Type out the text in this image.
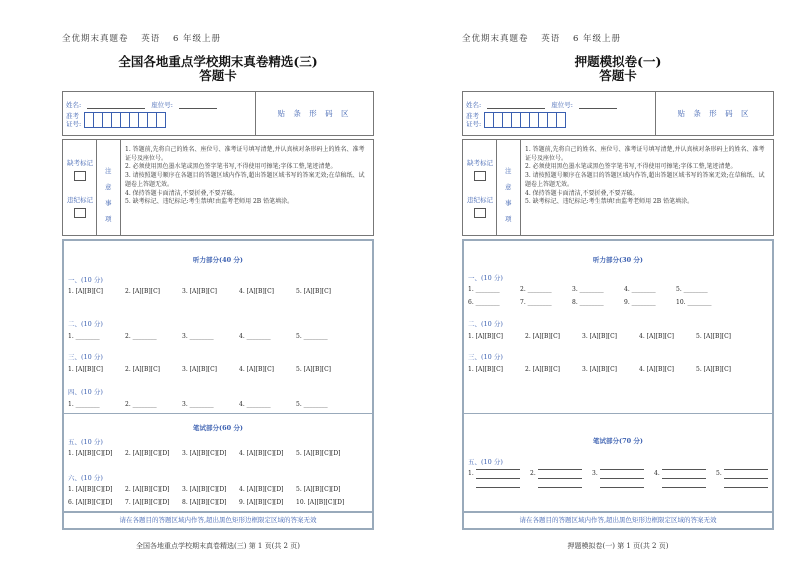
全优期末真题卷 英语 6 年级上册
全国各地重点学校期末真卷精选(三)
答题卡
姓名:	座位号:
准考证号:
贴 条 形 码 区
缺考标记
违纪标记
注
意
事
项
1. 答题前,先将自己的姓名、座位号、准考证号填写清楚,并认真核对条形码上的姓名、准考证号及座位号。
2. 必须使用黑色墨水笔或黑色签字笔书写,不得使用可擦笔;字体工整,笔迹清楚。
3. 请按照题号顺序在各题目的答题区域内作答,超出答题区域书写的答案无效;在草稿纸、试题卷上答题无效。
4. 保持答题卡面清洁,不要折叠,不要弄破。
5. 缺考标记、违纪标记:考生禁填!由监考老师用 2B 铅笔填涂。
听力部分(40 分)
一、(10 分)
1. [A][B][C]	2. [A][B][C]	3. [A][B][C]	4. [A][B][C]	5. [A][B][C]
二、(10 分)
1. ________	2. ________	3. ________	4. ________	5. ________
三、(10 分)
1. [A][B][C]	2. [A][B][C]	3. [A][B][C]	4. [A][B][C]	5. [A][B][C]
四、(10 分)
1. ________	2. ________	3. ________	4. ________	5. ________
笔试部分(60 分)
五、(10 分)
1. [A][B][C][D] 2. [A][B][C][D] 3. [A][B][C][D] 4. [A][B][C][D] 5. [A][B][C][D]
六、(10 分)
1. [A][B][C][D] 2. [A][B][C][D] 3. [A][B][C][D] 4. [A][B][C][D] 5. [A][B][C][D]
6. [A][B][C][D] 7. [A][B][C][D] 8. [A][B][C][D] 9. [A][B][C][D] 10. [A][B][C][D]
请在各题目的答题区域内作答,超出黑色矩形边框限定区域的答案无效
全国各地重点学校期末真卷精选(三) 第 1 页(共 2 页)
全优期末真题卷 英语 6 年级上册
押题模拟卷(一)
答题卡
姓名:	座位号:
准考证号:
贴 条 形 码 区
缺考标记
违纪标记
注
意
事
项
1. 答题前,先将自己的姓名、座位号、准考证号填写清楚,并认真核对条形码上的姓名、准考证号及座位号。
2. 必须使用黑色墨水笔或黑色签字笔书写,不得使用可擦笔;字体工整,笔迹清楚。
3. 请按照题号顺序在各题目的答题区域内作答,超出答题区域书写的答案无效;在草稿纸、试题卷上答题无效。
4. 保持答题卡面清洁,不要折叠,不要弄破。
5. 缺考标记、违纪标记:考生禁填!由监考老师用 2B 铅笔填涂。
听力部分(30 分)
一、(10 分)
1. ________	2. ________	3. ________	4. ________	5. ________
6. ________	7. ________	8. ________	9. ________	10. ________
二、(10 分)
1. [A][B][C]	2. [A][B][C]	3. [A][B][C]	4. [A][B][C]	5. [A][B][C]
三、(10 分)
1. [A][B][C]	2. [A][B][C]	3. [A][B][C]	4. [A][B][C]	5. [A][B][C]
笔试部分(70 分)
五、(10 分)
1.	2.	3.	4.	5.
请在各题目的答题区域内作答,超出黑色矩形边框限定区域的答案无效
押题模拟卷(一) 第 1 页(共 2 页)
